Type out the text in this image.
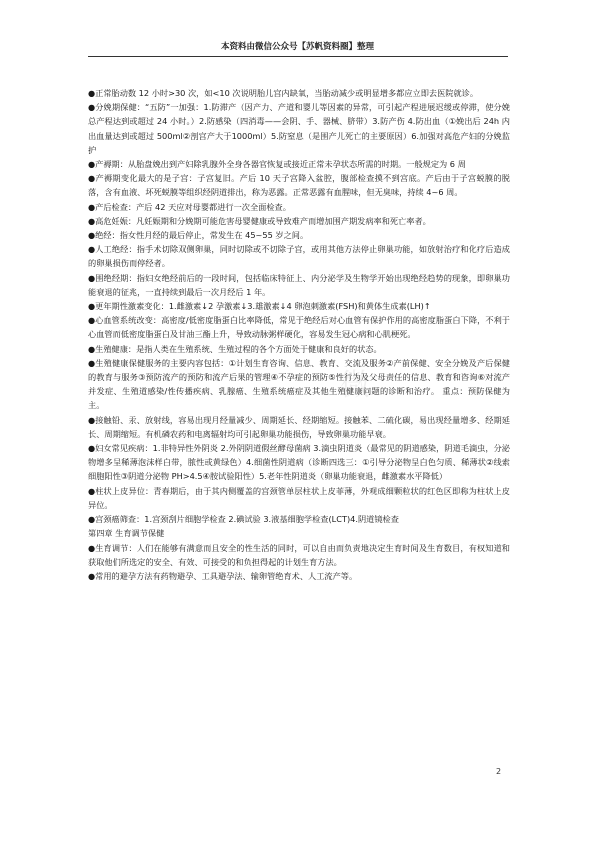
本资料由微信公众号【苏帆资料圈】整理
微

●正常胎动数 12 小时>30 次，如<10 次说明胎儿宫内缺氧，当胎动减少或明显增多都应立即去医院就诊。

●分娩期保健：“五防”一加强：1.防滞产（因产力、产道和婴儿等因素的异常，可引起产程进展迟缓或停滞，使分娩总产程达到或超过 24 小时。）2.防感染（四消毒——会阴、手、器械、脐带）3.防产伤 4.防出血（①娩出后 24h 内出血量达到或超过 500ml②剖宫产大于1000ml）5.防窒息（是围产儿死亡的主要原因）6.加强对高危产妇的分娩监护

●产褥期：从胎盘娩出到产妇除乳腺外全身各器官恢复或接近正常未孕状态所需的时期。一般规定为 6 周

●产褥期变化最大的是子宫：子宫复旧。产后 10 天子宫降入盆腔，腹部检查摸不到宫底。产后由于子宫蜕膜的脱落，含有血液、坏死蜕膜等组织经阴道排出，称为恶露。正常恶露有血腥味，但无臭味，持续 4~6 周。

●产后检查：产后 42 天应对母婴都进行一次全面检查。

●高危妊娠：凡妊娠期和分娩期可能危害母婴健康或导致难产而增加围产期发病率和死亡率者。

●绝经：指女性月经的最后停止，常发生在 45~55 岁之间。

●人工绝经：指手术切除双侧卵巢，同时切除或不切除子宫，或用其他方法停止卵巢功能，如放射治疗和化疗后造成的卵巢损伤而停经者。

●围绝经期：指妇女绝经前后的一段时间，包括临床特征上、内分泌学及生物学开始出现绝经趋势的现象，即卵巢功能衰退的征兆，一直持续到最后一次月经后 1 年。

●更年期性激素变化：1.雌激素↓2 孕激素↓3.雄激素↓4 卵泡刺激素(FSH)和黄体生成素(LH)↑

●心血管系统改变：高密度/低密度脂蛋白比率降低，常见于绝经后对心血管有保护作用的高密度脂蛋白下降，不利于心血管而低密度脂蛋白及甘油三酯上升，导致动脉粥样硬化，容易发生冠心病和心肌梗死。

●生殖健康：是指人类在生殖系统、生殖过程的各个方面处于健康和良好的状态。

●生殖健康保健服务的主要内容包括：①计划生育咨询、信息、教育、交流及服务②产前保健、安全分娩及产后保健的教育与服务③预防流产的预防和流产后果的管理④不孕症的预防⑤性行为及父母责任的信息、教育和咨询⑥对流产并发症、生殖道感染/性传播疾病、乳腺癌、生殖系统癌症及其他生殖健康问题的诊断和治疗。 重点：预防保健为主。

●接触铅、汞、放射线，容易出现月经量减少、周期延长、经期缩短。接触苯、二硫化碳，易出现经量增多、经期延长、周期缩短。有机磷农药和电离辐射均可引起卵巢功能损伤，导致卵巢功能早衰。

●妇女常见疾病：1.非特异性外阴炎 2.外阴阴道假丝酵母菌病 3.滴虫阴道炎（最常见的阴道感染，阴道毛滴虫，分泌物增多呈稀薄泡沫样白带，脓性或黄绿色）4.细菌性阴道病（诊断四选三：①引导分泌物呈白色匀质、稀薄状②线索细胞阳性③阴道分泌物 PH>4.5④胺试验阳性）5.老年性阴道炎（卵巢功能衰退，雌激素水平降低）

●柱状上皮异位：青春期后，由于其内侧覆盖的宫颈管单层柱状上皮菲薄，外观成细颗粒状的红色区即称为柱状上皮异位。

●宫颈癌筛查：1.宫颈刮片细胞学检查 2.碘试验 3.液基细胞学检查(LCT)4.阴道镜检查

第四章 生育调节保健

●生育调节：人们在能够有满意而且安全的性生活的同时，可以自由而负责地决定生育时间及生育数目，有权知道和获取他们所选定的安全、有效、可接受的和负担得起的计划生育方法。

●常用的避孕方法有药物避孕、工具避孕法、输卵管绝育术、人工流产等。

2
